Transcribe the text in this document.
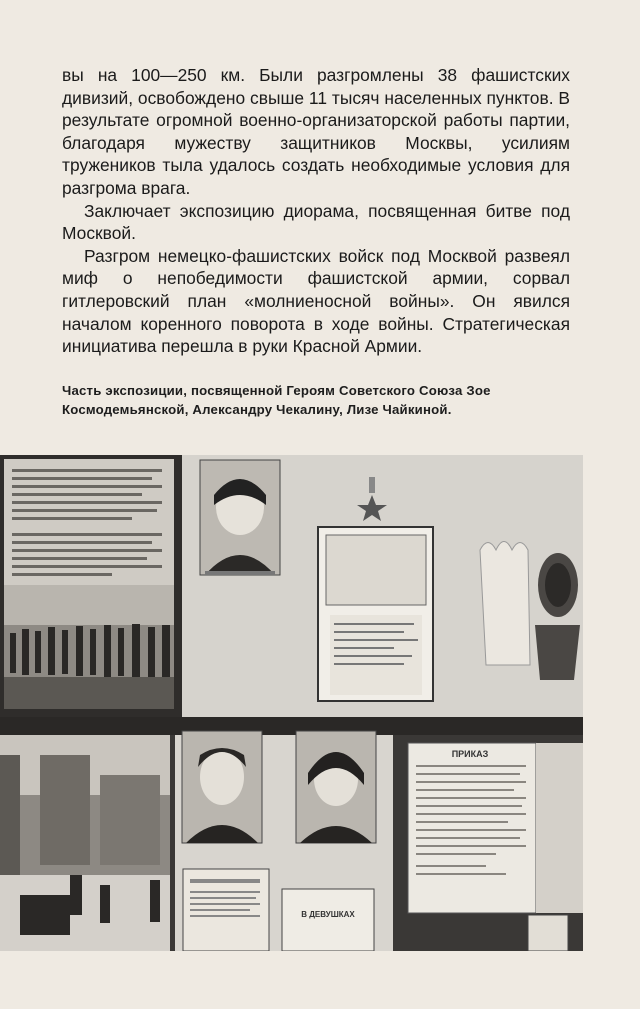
вы на 100—250 км. Были разгромлены 38 фашистских дивизий, освобождено свыше 11 тысяч населенных пунктов. В результате огромной военно-организаторской работы партии, благодаря мужеству защитников Москвы, усилиям тружеников тыла удалось создать необходимые условия для разгрома врага.

Заключает экспозицию диорама, посвященная битве под Москвой.

Разгром немецко-фашистских войск под Москвой развеял миф о непобедимости фашистской армии, сорвал гитлеровский план «молниеносной войны». Он явился началом коренного поворота в ходе войны. Стратегическая инициатива перешла в руки Красной Армии.

Часть экспозиции, посвященной Героям Советского Союза Зое Космодемьянской, Александру Чекалину, Лизе Чайкиной.
В ДЕВУШКАХ
ПРИКАЗ
